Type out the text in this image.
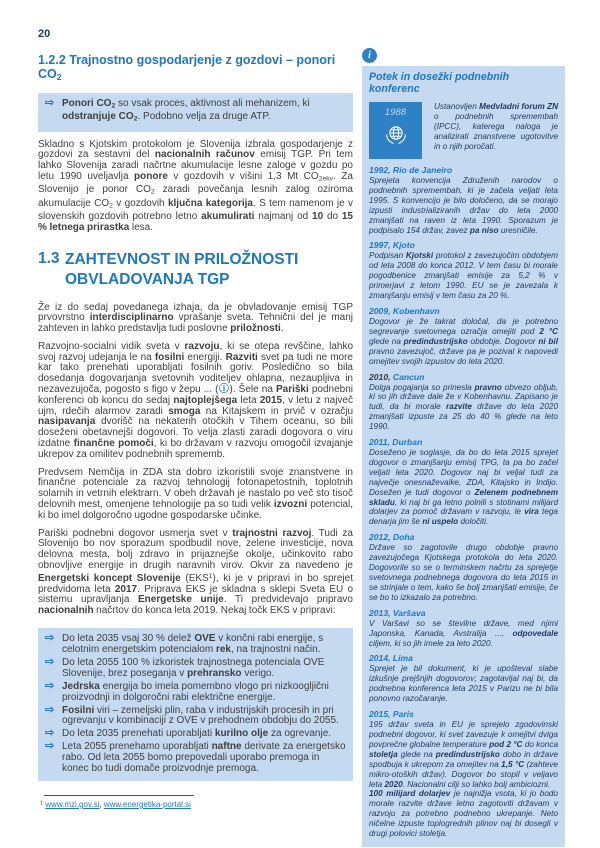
20
1.2.2 Trajnostno gospodarjenje z gozdovi – ponori $CO_2$
⇨ Ponori $CO_2$ so vsak proces, aktivnost ali mehanizem, ki odstranjuje $CO_2$. Podobno velja za druge ATP.
Skladno s Kjotskim protokolom je Slovenija izbrala gospodarjenje z gozdovi za sestavni del nacionalnih računov emisij TGP. Pri tem lahko Slovenija zaradi načrtne akumulacije lesne zaloge v gozdu po letu 1990 uveljavlja ponore v gozdovih v višini 1,3 Mt $CO_{2ekv}$. Za Slovenijo je ponor $CO_2$ zaradi povečanja lesnih zalog oziroma akumulacije $CO_2$ v gozdovih ključna kategorija. S tem namenom je v slovenskih gozdovih potrebno letno akumulirati najmanj od 10 do 15 % letnega prirastka lesa.
1.3 ZAHTEVNOST IN PRILOŽNOSTI OBVLADOVANJA TGP
Že iz do sedaj povedanega izhaja, da je obvladovanje emisij TGP prvovrstno interdisciplinarno vprašanje sveta. Tehnični del je manj zahteven in lahko predstavlja tudi poslovne priložnosti.
Razvojno-socialni vidik sveta v razvoju, ki se otepa revščine, lahko svoj razvoj udejanja le na fosilni energiji. Razviti svet pa tudi ne more kar tako prenehati uporabljati fosilnih goriv. Posledično so bila dosedanja dogovarjanja svetovnih voditeljev ohlapna, nezaupljiva in nezavezujoča, pogosto s figo v žepu ... (ⓘ). Šele na Pariški podnebni konferenci ob koncu do sedaj najtoplejšega leta 2015, v letu z največ ujm, rdečih alarmov zaradi smoga na Kitajskem in prvič v ozračju nasipavanja dvorišč na nekaterih otočkih v Tihem oceanu, so bili doseženi obetavnejši dogovori. To velja zlasti zaradi dogovora o viru izdatne finančne pomoči, ki bo državam v razvoju omogočil izvajanje ukrepov za omilitev podnebnih sprememb.
Predvsem Nemčija in ZDA sta dobro izkoristili svoje znanstvene in finančne potenciale za razvoj tehnologij fotonapetostnih, toplotnih solarnih in vetrnih elektrarn. V obeh državah je nastalo po več sto tisoč delovnih mest, omenjene tehnologije pa so tudi velik izvozni potencial, ki bo imel dolgoročno ugodne gospodarske učinke.
Pariški podnebni dogovor usmerja svet v trajnostni razvoj. Tudi za Slovenijo bo nov sporazum spodbudil nove, zelene investicije, nova delovna mesta, bolj zdravo in prijaznejše okolje, učinkovito rabo obnovljive energije in drugih naravnih virov. Okvir za navedeno je Energetski koncept Slovenije (EKS$^1$), ki je v pripravi in bo sprejet predvidoma leta 2017. Priprava EKS je skladna s sklepi Sveta EU o sistemu upravljanja Energetske unije. Ti predvidevajo pripravo nacionalnih načrtov do konca leta 2019. Nekaj točk EKS v pripravi:
⇨ Do leta 2035 vsaj 30 % delež OVE v končni rabi energije, s celotnim energetskim potencialom rek, na trajnostni način.
⇨ Do leta 2055 100 % izkoristek trajnostnega potenciala OVE Slovenije, brez poseganja v prehransko verigo.
⇨ Jedrska energija bo imela pomembno vlogo pri nizkoogljični proizvodnji in dolgoročni rabi električne energije.
⇨ Fosilni viri – zemeljski plin, raba v industrijskih procesih in pri ogrevanju v kombinaciji z OVE v prehodnem obdobju do 2055.
⇨ Do leta 2035 prenehati uporabljati kurilno olje za ogrevanje.
⇨ Leta 2055 prenehamo uporabljati naftne derivate za energetsko rabo. Od leta 2055 bomo prepovedali uporabo premoga in konec bo tudi domače proizvodnje premoga.
$^1$ www.mzi.gov.si, www.energetika-portal.si
i
Potek in dosežki podnebnih konferenc
1988
Ustanovljen Medvladni forum ZN o podnebnih spremembah (IPCC), katerega naloga je analizirati znanstvene ugotovitve in o njih poročati.
1992, Rio de Janeiro
Sprejeta konvencija Združenih narodov o podnebnih spremembah, ki je začela veljati leta 1995. S konvencijo je bilo določeno, da se morajo izpusti industrializiranih držav do leta 2000 zmanjšati na raven iz leta 1990. Sporazum je podpisalo 154 držav, zavez pa niso uresničile.
1997, Kjoto
Podpisan Kjotski protokol z zavezujočim obdobjem od leta 2008 do konca 2012. V tem času bi morale pogodbenice zmanjšati emisije za 5,2 % v primerjavi z letom 1990. EU se je zavezala k zmanjšanju emisij v tem času za 20 %.
2009, Kobenhavn
Dogovor je že takrat določal, da je potrebno segrevanje svetovnega ozračja omejiti pod 2 °C glede na predindustrijsko obdobje. Dogovor ni bil pravno zavezujoč, države pa je pozival k napovedi omejitev svojih izpustov do leta 2020.
2010, Cancun
Dolga pogajanja so prinesla pravno obvezo obljub, ki so jih države dale že v Kobenhavnu. Zapisano je tudi, da bi morale razvite države do leta 2020 zmanjšati izpuste za 25 do 40 % glede na leto 1990.
2011, Durban
Doseženo je soglasje, da bo do leta 2015 sprejet dogovor o zmanjšanju emisij TPG, ta pa bo začel veljati leta 2020. Dogovor naj bi veljal tudi za največje onesnaževalke, ZDA, Kitajsko in Indijo. Dosežen je tudi dogovor o Zelenem podnebnem skladu, ki naj bi ga letno polnili s stotinami milijard dolarjev za pomoč državam v razvoju, le vira tega denarja jim še ni uspelo določiti.
2012, Doha
Države so zagotovile drugo obdobje pravno zavezujočega Kjotskega protokola do leta 2020. Dogovorile so se o terminskem načrtu za sprejetje svetovnega podnebnega dogovora do leta 2015 in se strinjale o tem, kako še bolj zmanjšati emisije, če se bo to izkazalo za potrebno.
2013, Varšava
V Varšavi so se številne države, med njimi Japonska, Kanada, Avstralija ..., odpovedale ciljem, ki so jih imele za leto 2020.
2014, Lima
Sprejet je bil dokument, ki je upošteval slabe izkušnje prejšnjih dogovorov; zagotavljal naj bi, da podnebna konferenca leta 2015 v Parizu ne bi bila ponovno razočaranje.
2015, Paris
195 držav sveta in EU je sprejelo zgodovinski podnebni dogovor, ki svet zavezuje k omejitvi dviga povprečne globalne temperature pod 2 °C do konca stoletja glede na predindustrijsko dobo in države spodbuja k ukrepom za omejitev na 1,5 °C (zahteve mikro-otoških držav). Dogovor bo stopil v veljavo leta 2020. Nacionalni cilji so lahko bolj ambiciozni.
100 milijard dolarjev je najnižja vsota, ki jo bodo morale razvite države letno zagotoviti državam v razvoju za potrebno podnebno ukrepanje. Neto ničelne izpuste toplogrednih plinov naj bi dosegli v drugi polovici stoletja.
